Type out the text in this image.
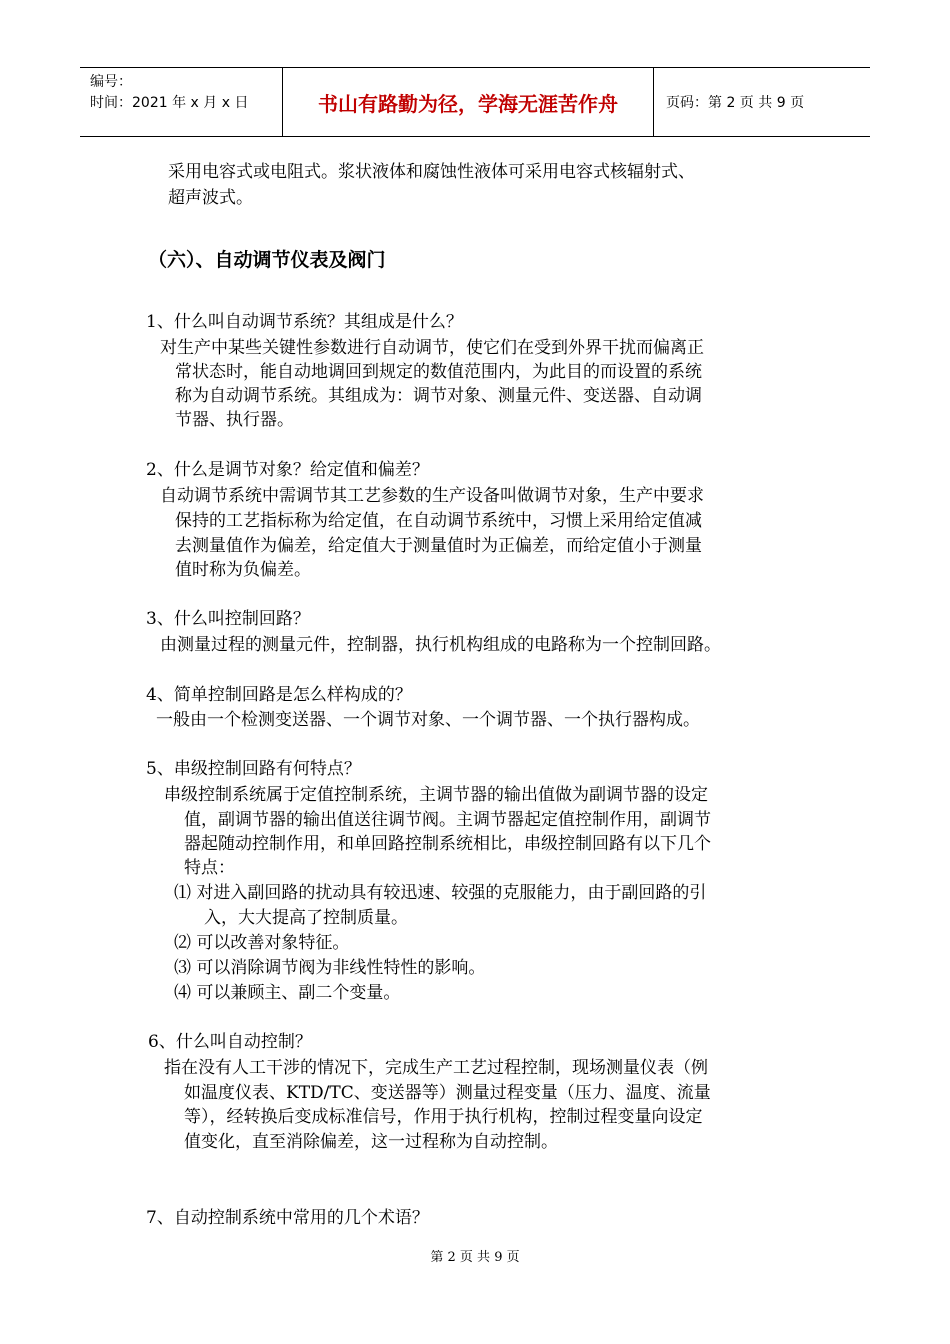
编号：
时间：2021 年 x 月 x 日	书山有路勤为径，学海无涯苦作舟	页码：第 2 页 共 9 页
采用电容式或电阻式。浆状液体和腐蚀性液体可采用电容式核辐射式、
超声波式。
（六）、自动调节仪表及阀门
1、什么叫自动调节系统？其组成是什么？
对生产中某些关键性参数进行自动调节，使它们在受到外界干扰而偏离正
常状态时，能自动地调回到规定的数值范围内，为此目的而设置的系统
称为自动调节系统。其组成为：调节对象、测量元件、变送器、自动调
节器、执行器。
2、什么是调节对象？给定值和偏差？
自动调节系统中需调节其工艺参数的生产设备叫做调节对象，生产中要求
保持的工艺指标称为给定值，在自动调节系统中，习惯上采用给定值减
去测量值作为偏差，给定值大于测量值时为正偏差，而给定值小于测量
值时称为负偏差。
3、什么叫控制回路？
由测量过程的测量元件，控制器，执行机构组成的电路称为一个控制回路。
4、简单控制回路是怎么样构成的？
一般由一个检测变送器、一个调节对象、一个调节器、一个执行器构成。
5、串级控制回路有何特点？
串级控制系统属于定值控制系统，主调节器的输出值做为副调节器的设定
值，副调节器的输出值送往调节阀。主调节器起定值控制作用，副调节
器起随动控制作用，和单回路控制系统相比，串级控制回路有以下几个
特点：
⑴ 对进入副回路的扰动具有较迅速、较强的克服能力，由于副回路的引
入，大大提高了控制质量。
⑵ 可以改善对象特征。
⑶ 可以消除调节阀为非线性特性的影响。
⑷ 可以兼顾主、副二个变量。
6、什么叫自动控制？
指在没有人工干涉的情况下，完成生产工艺过程控制，现场测量仪表（例
如温度仪表、KTD/TC、变送器等）测量过程变量（压力、温度、流量
等），经转换后变成标准信号，作用于执行机构，控制过程变量向设定
值变化，直至消除偏差，这一过程称为自动控制。
7、自动控制系统中常用的几个术语？
第 2 页 共 9 页
